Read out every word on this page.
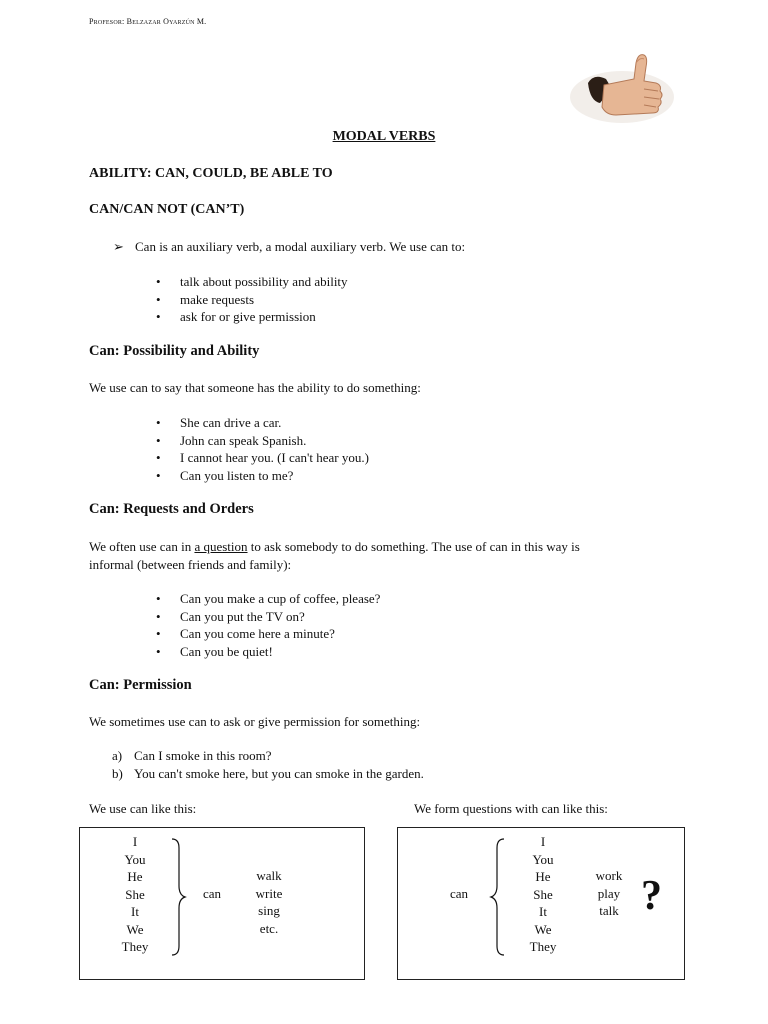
Profesor: Belzazar Oyarzún M.
MODAL VERBS
ABILITY: CAN, COULD, BE ABLE TO
CAN/CAN NOT (CAN’T)
➢ Can is an auxiliary verb, a modal auxiliary verb. We use can to:
• talk about possibility and ability
• make requests
• ask for or give permission
Can: Possibility and Ability
We use can to say that someone has the ability to do something:
• She can drive a car.
• John can speak Spanish.
• I cannot hear you. (I can't hear you.)
• Can you listen to me?
Can: Requests and Orders
We often use can in a question to ask somebody to do something. The use of can in this way is
informal (between friends and family):
• Can you make a cup of coffee, please?
• Can you put the TV on?
• Can you come here a minute?
• Can you be quiet!
Can: Permission
We sometimes use can to ask or give permission for something:
a) Can I smoke in this room?
b) You can't smoke here, but you can smoke in the garden.
We use can like this:	We form questions with can like this:
I
You
He
She
It
We
They
can
walk
write
sing
etc.
can
I
You
He
She
It
We
They
work
play
talk ?
